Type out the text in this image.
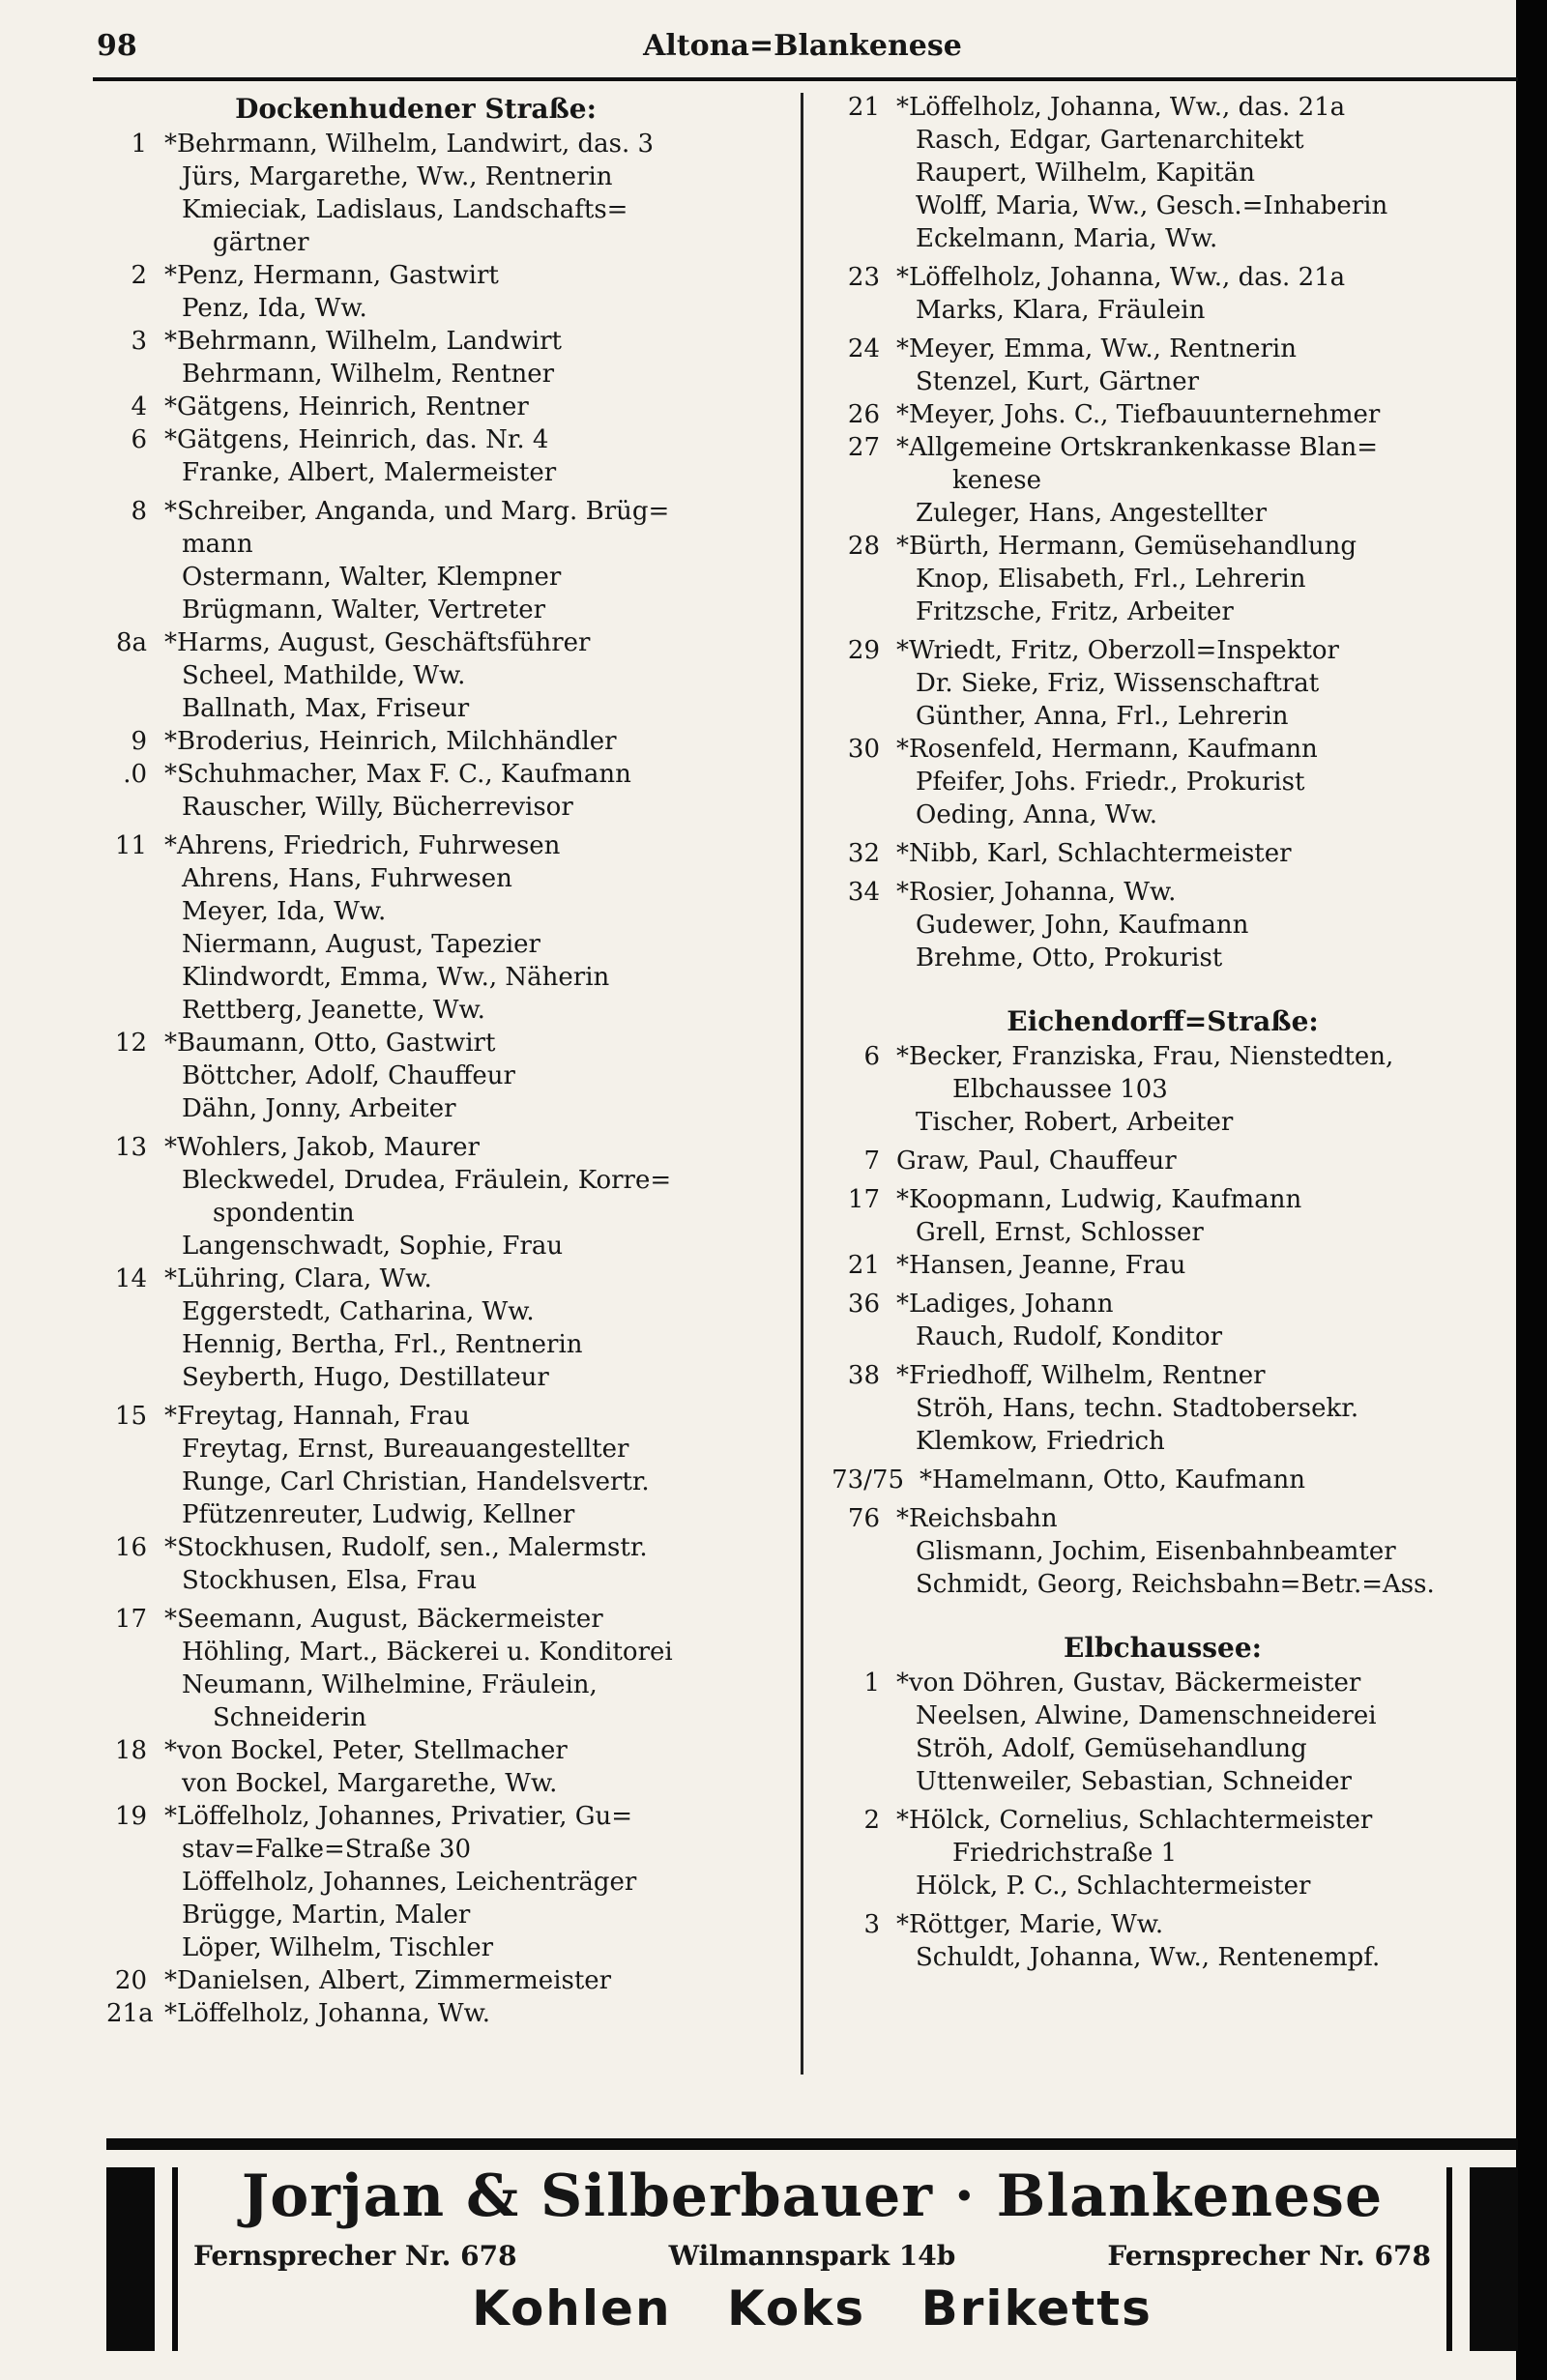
98	Altona=Blankenese
Dockenhudener Straße:
1 *Behrmann, Wilhelm, Landwirt, das. 3
Jürs, Margarethe, Ww., Rentnerin
Kmieciak, Ladislaus, Landschafts=
gärtner
2 *Penz, Hermann, Gastwirt
Penz, Ida, Ww.
3 *Behrmann, Wilhelm, Landwirt
Behrmann, Wilhelm, Rentner
4 *Gätgens, Heinrich, Rentner
6 *Gätgens, Heinrich, das. Nr. 4
Franke, Albert, Malermeister
8 *Schreiber, Anganda, und Marg. Brüg=
mann
Ostermann, Walter, Klempner
Brügmann, Walter, Vertreter
8a *Harms, August, Geschäftsführer
Scheel, Mathilde, Ww.
Ballnath, Max, Friseur
9 *Broderius, Heinrich, Milchhändler
.0 *Schuhmacher, Max F. C., Kaufmann
Rauscher, Willy, Bücherrevisor
11 *Ahrens, Friedrich, Fuhrwesen
Ahrens, Hans, Fuhrwesen
Meyer, Ida, Ww.
Niermann, August, Tapezier
Klindwordt, Emma, Ww., Näherin
Rettberg, Jeanette, Ww.
12 *Baumann, Otto, Gastwirt
Böttcher, Adolf, Chauffeur
Dähn, Jonny, Arbeiter
13 *Wohlers, Jakob, Maurer
Bleckwedel, Drudea, Fräulein, Korre=
spondentin
Langenschwadt, Sophie, Frau
14 *Lühring, Clara, Ww.
Eggerstedt, Catharina, Ww.
Hennig, Bertha, Frl., Rentnerin
Seyberth, Hugo, Destillateur
15 *Freytag, Hannah, Frau
Freytag, Ernst, Bureauangestellter
Runge, Carl Christian, Handelsvertr.
Pfützenreuter, Ludwig, Kellner
16 *Stockhusen, Rudolf, sen., Malermstr.
Stockhusen, Elsa, Frau
17 *Seemann, August, Bäckermeister
Höhling, Mart., Bäckerei u. Konditorei
Neumann, Wilhelmine, Fräulein,
Schneiderin
18 *von Bockel, Peter, Stellmacher
von Bockel, Margarethe, Ww.
19 *Löffelholz, Johannes, Privatier, Gu=
stav=Falke=Straße 30
Löffelholz, Johannes, Leichenträger
Brügge, Martin, Maler
Löper, Wilhelm, Tischler
20 *Danielsen, Albert, Zimmermeister
21a *Löffelholz, Johanna, Ww.
21 *Löffelholz, Johanna, Ww., das. 21a
Rasch, Edgar, Gartenarchitekt
Raupert, Wilhelm, Kapitän
Wolff, Maria, Ww., Gesch.=Inhaberin
Eckelmann, Maria, Ww.
23 *Löffelholz, Johanna, Ww., das. 21a
Marks, Klara, Fräulein
24 *Meyer, Emma, Ww., Rentnerin
Stenzel, Kurt, Gärtner
26 *Meyer, Johs. C., Tiefbauunternehmer
27 *Allgemeine Ortskrankenkasse Blan=
kenese
Zuleger, Hans, Angestellter
28 *Bürth, Hermann, Gemüsehandlung
Knop, Elisabeth, Frl., Lehrerin
Fritzsche, Fritz, Arbeiter
29 *Wriedt, Fritz, Oberzoll=Inspektor
Dr. Sieke, Friz, Wissenschaftrat
Günther, Anna, Frl., Lehrerin
30 *Rosenfeld, Hermann, Kaufmann
Pfeifer, Johs. Friedr., Prokurist
Oeding, Anna, Ww.
32 *Nibb, Karl, Schlachtermeister
34 *Rosier, Johanna, Ww.
Gudewer, John, Kaufmann
Brehme, Otto, Prokurist
Eichendorff=Straße:
6 *Becker, Franziska, Frau, Nienstedten,
Elbchaussee 103
Tischer, Robert, Arbeiter
7 Graw, Paul, Chauffeur
17 *Koopmann, Ludwig, Kaufmann
Grell, Ernst, Schlosser
21 *Hansen, Jeanne, Frau
36 *Ladiges, Johann
Rauch, Rudolf, Konditor
38 *Friedhoff, Wilhelm, Rentner
Ströh, Hans, techn. Stadtobersekr.
Klemkow, Friedrich
73/75 *Hamelmann, Otto, Kaufmann
76 *Reichsbahn
Glismann, Jochim, Eisenbahnbeamter
Schmidt, Georg, Reichsbahn=Betr.=Ass.
Elbchaussee:
1 *von Döhren, Gustav, Bäckermeister
Neelsen, Alwine, Damenschneiderei
Ströh, Adolf, Gemüsehandlung
Uttenweiler, Sebastian, Schneider
2 *Hölck, Cornelius, Schlachtermeister
Friedrichstraße 1
Hölck, P. C., Schlachtermeister
3 *Röttger, Marie, Ww.
Schuldt, Johanna, Ww., Rentenempf.
Jorjan & Silberbauer · Blankenese
Fernsprecher Nr. 678	Wilmannspark 14b	Fernsprecher Nr. 678
Kohlen Koks Briketts
